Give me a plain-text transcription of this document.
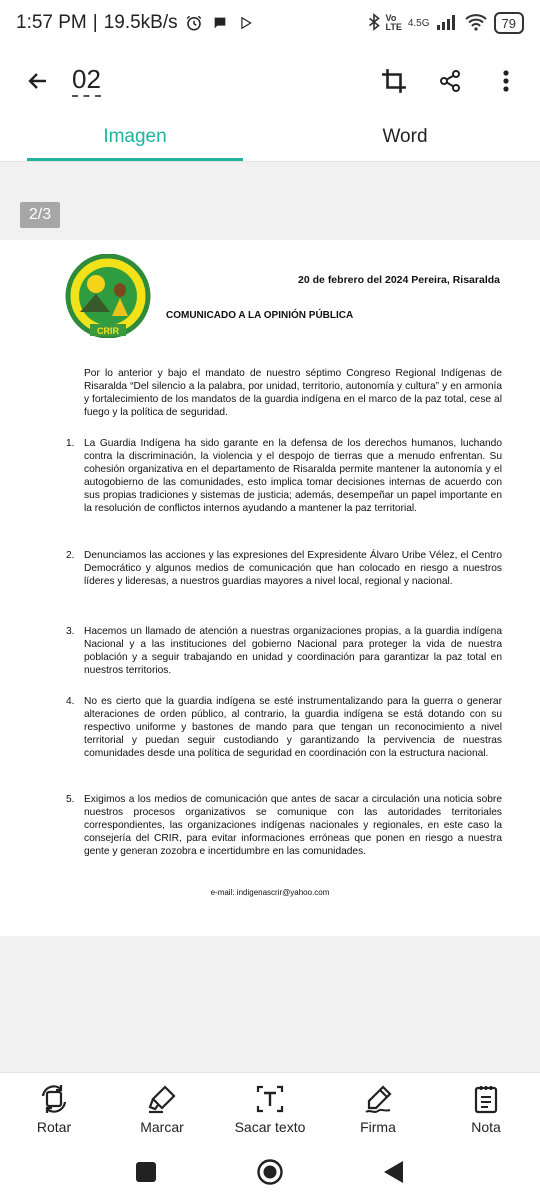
1:57 PM | 19.5kB/s	Vo
LTE 4.5G	79
02
Imagen	Word
2/3
CRIR
20 de febrero del 2024 Pereira, Risaralda
COMUNICADO A LA OPINIÓN PÚBLICA

Por lo anterior y bajo el mandato de nuestro séptimo Congreso Regional Indígenas de Risaralda “Del silencio a la palabra, por unidad, territorio, autonomía y cultura” y en armonía y fortalecimiento de los mandatos de la guardia indígena en el marco de la paz total, cese al fuego y la política de seguridad.

1. La Guardia Indígena ha sido garante en la defensa de los derechos humanos, luchando contra la discriminación, la violencia y el despojo de tierras que a menudo enfrentan. Su cohesión organizativa en el departamento de Risaralda permite mantener la autonomía y el autogobierno de las comunidades, esto implica tomar decisiones internas de acuerdo con sus propias tradiciones y sistemas de justicia; además, desempeñar un papel importante en la resolución de conflictos internos ayudando a mantener la paz territorial.
2. Denunciamos las acciones y las expresiones del Expresidente Álvaro Uribe Vélez, el Centro Democrático y algunos medios de comunicación que han colocado en riesgo a nuestros líderes y lideresas, a nuestros guardias mayores a nivel local, regional y nacional.
3. Hacemos un llamado de atención a nuestras organizaciones propias, a la guardia indígena Nacional y a las instituciones del gobierno Nacional para proteger la vida de nuestra población y a seguir trabajando en unidad y coordinación para garantizar la paz total en nuestros territorios.
4. No es cierto que la guardia indígena se esté instrumentalizando para la guerra o generar alteraciones de orden público, al contrario, la guardia indígena se está dotando con su respectivo uniforme y bastones de mando para que tengan un reconocimiento a nivel territorial y puedan seguir custodiando y garantizando la pervivencia de nuestras comunidades desde una política de seguridad en coordinación con la estructura nacional.
5. Exigimos a los medios de comunicación que antes de sacar a circulación una noticia sobre nuestros procesos organizativos se comunique con las autoridades territoriales correspondientes, las organizaciones indígenas nacionales y regionales, en este caso la consejería del CRIR, para evitar informaciones erróneas que ponen en riesgo a nuestra gente y generan zozobra e incertidumbre en las comunidades.
e-mail: indigenascrir@yahoo.com
Rotar	Marcar	Sacar texto	Firma	Nota
